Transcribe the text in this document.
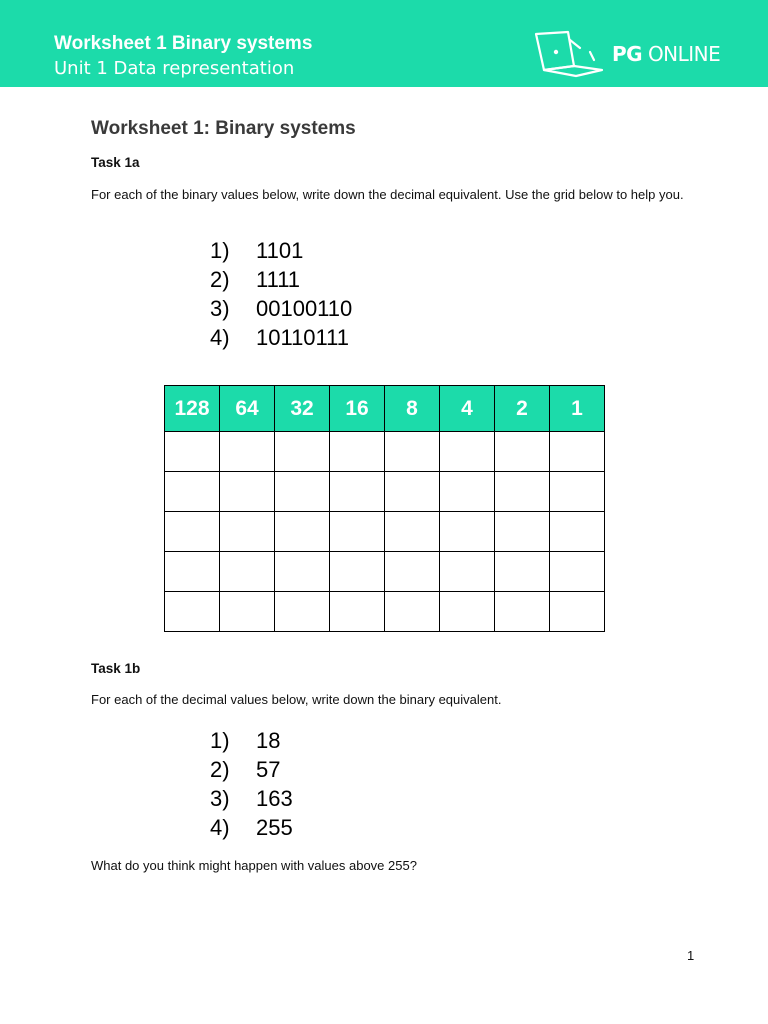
Worksheet 1 Binary systems
Unit 1 Data representation
PG ONLINE
Worksheet 1: Binary systems
Task 1a
For each of the binary values below, write down the decimal equivalent. Use the grid below to help you.
1)	1101
2)	1111
3)	00100110
4)	10110111
128	64	32	16	8	4	2	1

Task 1b
For each of the decimal values below, write down the binary equivalent.
1)	18
2)	57
3)	163
4)	255
What do you think might happen with values above 255?
1
